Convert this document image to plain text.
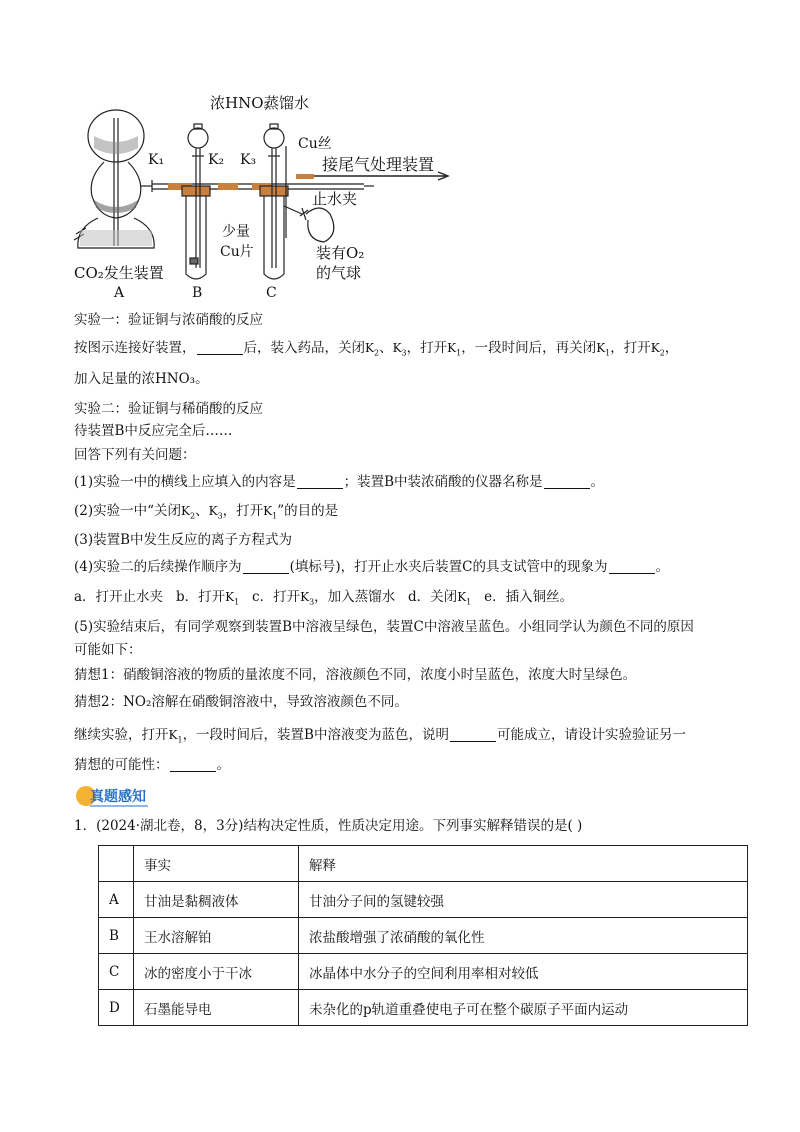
浓HNO₃
蒸馏水
Cu丝
K₁	K₂ K₃	接尾气处理装置
止水夹
少量
Cu片	装有O₂
的气球
CO₂发生装置
A	B	C
实验一：验证铜与浓硝酸的反应
按图示连接好装置，	后，装入药品，关闭$K_2$、$K_3$，打开$K_1$，一段时间后，再关闭$K_1$，打开$K_2$，
加入足量的浓HNO₃。
实验二：验证铜与稀硝酸的反应
待装置B中反应完全后……
回答下列有关问题：
(1)实验一中的横线上应填入的内容是	；装置B中装浓硝酸的仪器名称是	。
(2)实验一中“关闭$K_2$、$K_3$，打开$K_1$”的目的是
(3)装置B中发生反应的离子方程式为
(4)实验二的后续操作顺序为	(填标号)，打开止水夹后装置C的具支试管中的现象为	。
a．打开止水夹 b．打开$K_1$ c．打开$K_3$，加入蒸馏水 d．关闭$K_1$ e．插入铜丝。
(5)实验结束后，有同学观察到装置B中溶液呈绿色，装置C中溶液呈蓝色。小组同学认为颜色不同的原因
可能如下：
猜想1：硝酸铜溶液的物质的量浓度不同，溶液颜色不同，浓度小时呈蓝色，浓度大时呈绿色。
猜想2：NO₂溶解在硝酸铜溶液中，导致溶液颜色不同。
继续实验，打开$K_1$，一段时间后，装置B中溶液变为蓝色，说明	可能成立，请设计实验验证另一
猜想的可能性：	。
真题感知
1．(2024·湖北卷，8，3分)结构决定性质，性质决定用途。下列事实解释错误的是( )
	事实	解释
A	甘油是黏稠液体	甘油分子间的氢键较强
B	王水溶解铂	浓盐酸增强了浓硝酸的氧化性
C	冰的密度小于干冰	冰晶体中水分子的空间利用率相对较低
D	石墨能导电	未杂化的p轨道重叠使电子可在整个碳原子平面内运动
